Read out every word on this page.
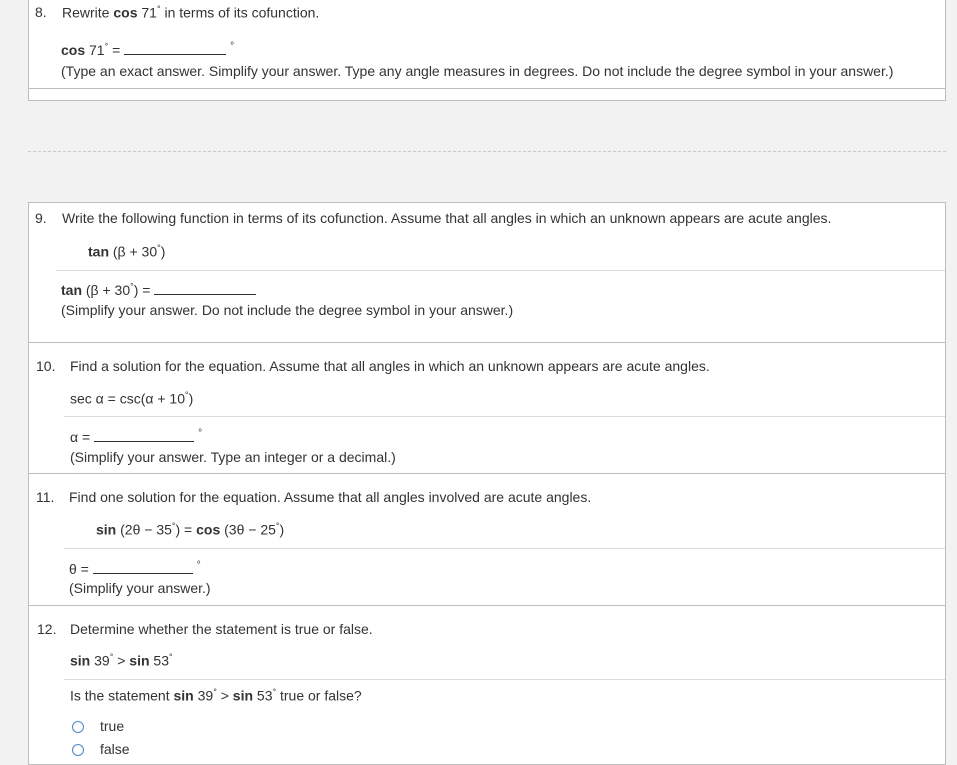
8. Rewrite cos 71° in terms of its cofunction.
cos 71° =	°
(Type an exact answer. Simplify your answer. Type any angle measures in degrees. Do not include the degree symbol in your answer.)
9. Write the following function in terms of its cofunction. Assume that all angles in which an unknown appears are acute angles.
tan (β + 30°)
tan (β + 30°) =
(Simplify your answer. Do not include the degree symbol in your answer.)
10. Find a solution for the equation. Assume that all angles in which an unknown appears are acute angles.
sec α = csc(α + 10°)
α =	°
(Simplify your answer. Type an integer or a decimal.)
11. Find one solution for the equation. Assume that all angles involved are acute angles.
sin (2θ − 35°) = cos (3θ − 25°)
θ =	°
(Simplify your answer.)
12. Determine whether the statement is true or false.
sin 39° > sin 53°
Is the statement sin 39° > sin 53° true or false?
true
false
